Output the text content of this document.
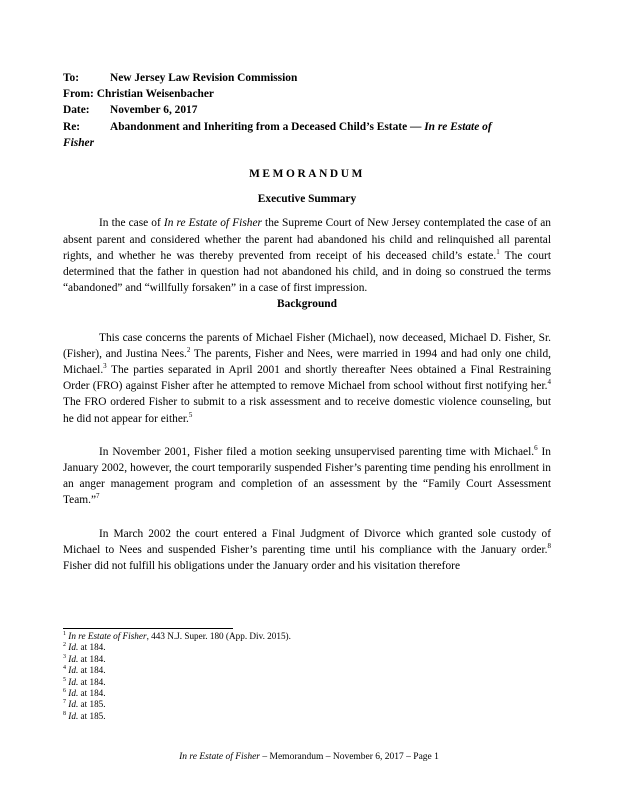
To:	New Jersey Law Revision Commission
From: Christian Weisenbacher
Date:	November 6, 2017
Re:	Abandonment and Inheriting from a Deceased Child’s Estate — In re Estate of
Fisher
MEMORANDUM
Executive Summary

In the case of In re Estate of Fisher the Supreme Court of New Jersey contemplated the case of an absent parent and considered whether the parent had abandoned his child and relinquished all parental rights, and whether he was thereby prevented from receipt of his deceased child’s estate.$^1$ The court determined that the father in question had not abandoned his child, and in doing so construed the terms “abandoned” and “willfully forsaken” in a case of first impression.

Background

This case concerns the parents of Michael Fisher (Michael), now deceased, Michael D. Fisher, Sr. (Fisher), and Justina Nees.$^2$ The parents, Fisher and Nees, were married in 1994 and had only one child, Michael.$^3$ The parties separated in April 2001 and shortly thereafter Nees obtained a Final Restraining Order (FRO) against Fisher after he attempted to remove Michael from school without first notifying her.$^4$ The FRO ordered Fisher to submit to a risk assessment and to receive domestic violence counseling, but he did not appear for either.$^5$

In November 2001, Fisher filed a motion seeking unsupervised parenting time with Michael.$^6$ In January 2002, however, the court temporarily suspended Fisher’s parenting time pending his enrollment in an anger management program and completion of an assessment by the “Family Court Assessment Team.”$^7$

In March 2002 the court entered a Final Judgment of Divorce which granted sole custody of Michael to Nees and suspended Fisher’s parenting time until his compliance with the January order.$^8$ Fisher did not fulfill his obligations under the January order and his visitation therefore

$^1$ In re Estate of Fisher, 443 N.J. Super. 180 (App. Div. 2015).
$^2$ Id. at 184.
$^3$ Id. at 184.
$^4$ Id. at 184.
$^5$ Id. at 184.
$^6$ Id. at 184.
$^7$ Id. at 185.
$^8$ Id. at 185.
In re Estate of Fisher – Memorandum – November 6, 2017 – Page 1
